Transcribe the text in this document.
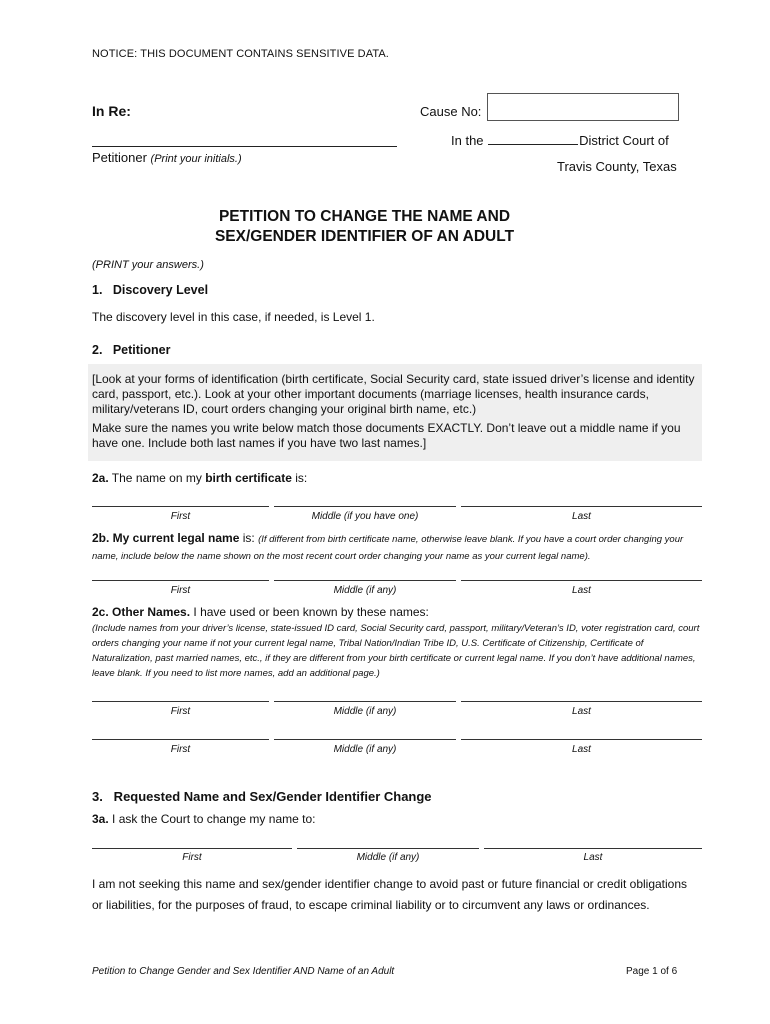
NOTICE: THIS DOCUMENT CONTAINS SENSITIVE DATA.
In Re:	Cause No:
Petitioner (Print your initials.)
In the	District Court of
Travis County, Texas
PETITION TO CHANGE THE NAME AND
SEX/GENDER IDENTIFIER OF AN ADULT
(PRINT your answers.)
1.   Discovery Level
The discovery level in this case, if needed, is Level 1.
2.   Petitioner
[Look at your forms of identification (birth certificate, Social Security card, state issued driver’s license and identity card, passport, etc.). Look at your other important documents (marriage licenses, health insurance cards, military/veterans ID, court orders changing your original birth name, etc.)
Make sure the names you write below match those documents EXACTLY. Don’t leave out a middle name if you have one. Include both last names if you have two last names.]
2a. The name on my birth certificate is:
First	Middle (if you have one)	Last
2b. My current legal name is: (If different from birth certificate name, otherwise leave blank. If you have a court order changing your name, include below the name shown on the most recent court order changing your name as your current legal name).
First	Middle (if any)	Last
2c. Other Names. I have used or been known by these names:
(Include names from your driver’s license, state-issued ID card, Social Security card, passport, military/Veteran’s ID, voter registration card, court orders changing your name if not your current legal name, Tribal Nation/Indian Tribe ID, U.S. Certificate of Citizenship, Certificate of Naturalization, past married names, etc., if they are different from your birth certificate or current legal name. If you don’t have additional names, leave blank. If you need to list more names, add an additional page.)
First	Middle (if any)	Last
First	Middle (if any)	Last
3.   Requested Name and Sex/Gender Identifier Change
3a. I ask the Court to change my name to:
First	Middle (if any)	Last
I am not seeking this name and sex/gender identifier change to avoid past or future financial or credit obligations or liabilities, for the purposes of fraud, to escape criminal liability or to circumvent any laws or ordinances.
Petition to Change Gender and Sex Identifier AND Name of an Adult	Page 1 of 6
